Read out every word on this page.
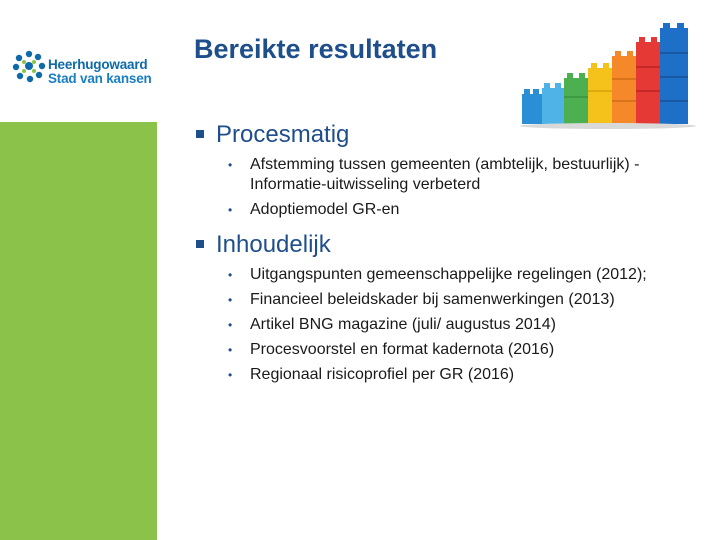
Heerhugowaard
Stad van kansen
Bereikte resultaten
Procesmatig
• Afstemming tussen gemeenten (ambtelijk, bestuurlijk) - Informatie-uitwisseling verbeterd
• Adoptiemodel GR-en
Inhoudelijk
• Uitgangspunten gemeenschappelijke regelingen (2012);
• Financieel beleidskader bij samenwerkingen (2013)
• Artikel BNG magazine (juli/ augustus 2014)
• Procesvoorstel en format kadernota (2016)
• Regionaal risicoprofiel per GR (2016)
